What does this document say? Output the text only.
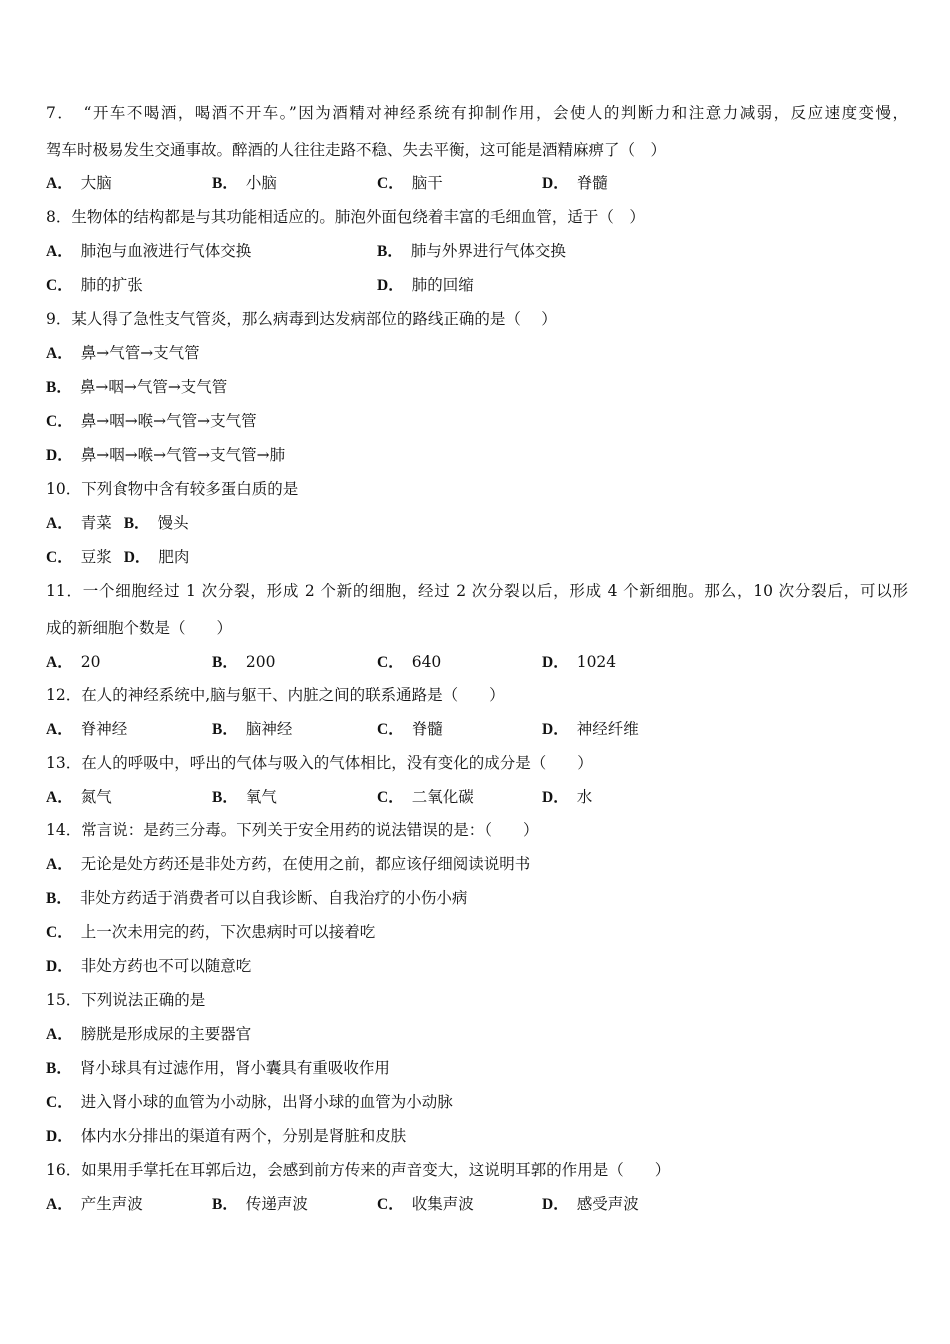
7．　“开车不喝酒，喝酒不开车。”因为酒精对神经系统有抑制作用，会使人的判断力和注意力减弱，反应速度变慢，
驾车时极易发生交通事故。醉酒的人往往走路不稳、失去平衡，这可能是酒精麻痹了（　）
A． 大脑	B． 小脑	C． 脑干	D． 脊髓
8．生物体的结构都是与其功能相适应的。肺泡外面包绕着丰富的毛细血管，适于（　）
A． 肺泡与血液进行气体交换	B． 肺与外界进行气体交换
C． 肺的扩张	D． 肺的回缩
9．某人得了急性支气管炎，那么病毒到达发病部位的路线正确的是（　 ）
A． 鼻→气管→支气管
B． 鼻→咽→气管→支气管
C． 鼻→咽→喉→气管→支气管
D． 鼻→咽→喉→气管→支气管→肺
10．下列食物中含有较多蛋白质的是
A． 青菜 B． 馒头
C． 豆浆 D． 肥肉
11．一个细胞经过 1 次分裂，形成 2 个新的细胞，经过 2 次分裂以后，形成 4 个新细胞。那么，10 次分裂后，可以形
成的新细胞个数是（　　）
A． 20	B． 200	C． 640	D． 1024
12．在人的神经系统中,脑与躯干、内脏之间的联系通路是（　　）
A． 脊神经	B． 脑神经	C． 脊髓	D． 神经纤维
13．在人的呼吸中，呼出的气体与吸入的气体相比，没有变化的成分是（　　）
A． 氮气	B． 氧气	C． 二氧化碳	D． 水
14．常言说：是药三分毒。下列关于安全用药的说法错误的是：（　　）
A． 无论是处方药还是非处方药，在使用之前，都应该仔细阅读说明书
B． 非处方药适于消费者可以自我诊断、自我治疗的小伤小病
C． 上一次未用完的药，下次患病时可以接着吃
D． 非处方药也不可以随意吃
15．下列说法正确的是
A． 膀胱是形成尿的主要器官
B． 肾小球具有过滤作用，肾小囊具有重吸收作用
C． 进入肾小球的血管为小动脉，出肾小球的血管为小动脉
D． 体内水分排出的渠道有两个，分别是肾脏和皮肤
16．如果用手掌托在耳郭后边，会感到前方传来的声音变大，这说明耳郭的作用是（　　）
A． 产生声波	B． 传递声波	C． 收集声波	D． 感受声波
